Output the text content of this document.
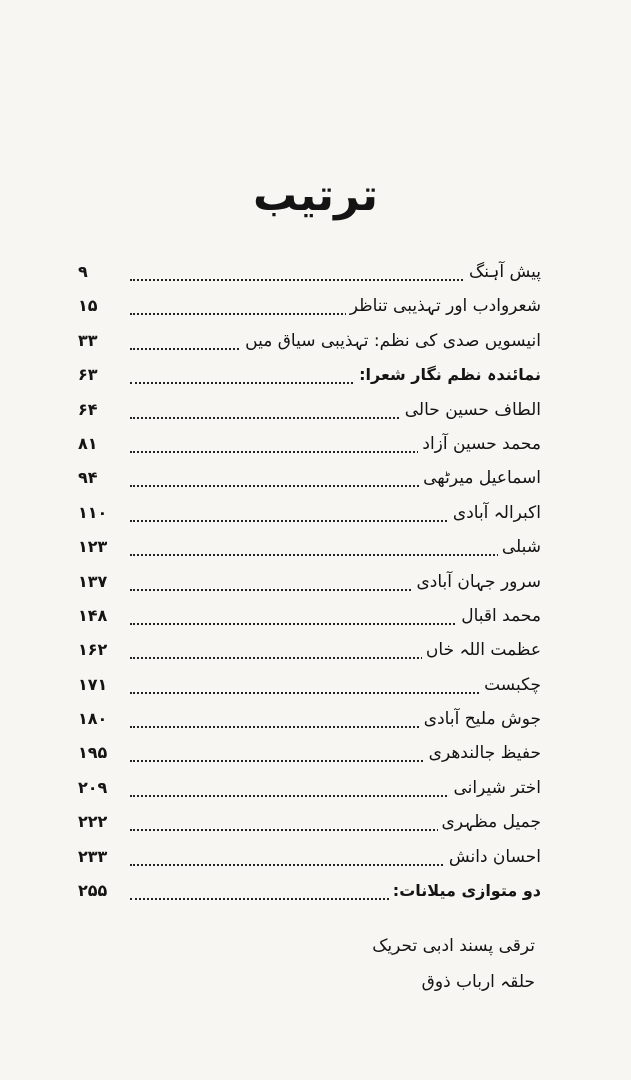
ترتیب
پیش آہنگ
۹
شعروادب اور تہذیبی تناظر
۱۵
انیسویں صدی کی نظم: تہذیبی سیاق میں
۳۳
نمائندہ نظم نگار شعرا:
۶۳
الطاف حسین حالی
۶۴
محمد حسین آزاد
۸۱
اسماعیل میرٹھی
۹۴
اکبرالہ آبادی
۱۱۰
شبلی
۱۲۳
سرور جہان آبادی
۱۳۷
محمد اقبال
۱۴۸
عظمت اللہ خاں
۱۶۲
چکبست
۱۷۱
جوش ملیح آبادی
۱۸۰
حفیظ جالندھری
۱۹۵
اختر شیرانی
۲۰۹
جمیل مظہری
۲۲۲
احسان دانش
۲۳۳
دو متوازی میلانات:
۲۵۵
ترقی پسند ادبی تحریک
حلقہ ارباب ذوق
